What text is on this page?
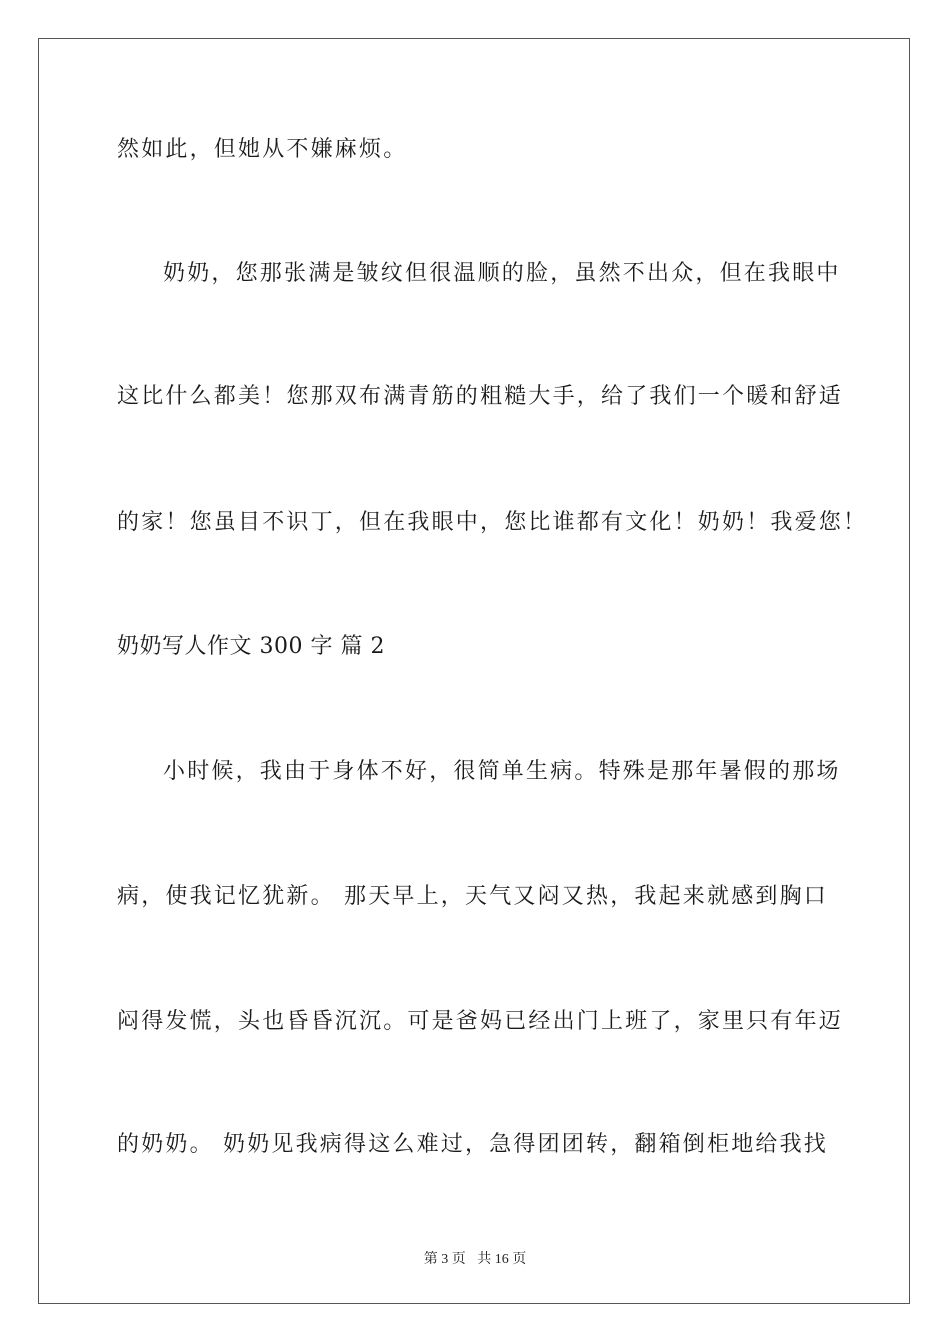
然如此，但她从不嫌麻烦。
奶奶，您那张满是皱纹但很温顺的脸，虽然不出众，但在我眼中
这比什么都美！您那双布满青筋的粗糙大手，给了我们一个暖和舒适
的家！您虽目不识丁，但在我眼中，您比谁都有文化！奶奶！我爱您！
奶奶写人作文 300 字 篇 2
小时候，我由于身体不好，很简单生病。特殊是那年暑假的那场
病，使我记忆犹新。 那天早上，天气又闷又热，我起来就感到胸口
闷得发慌，头也昏昏沉沉。可是爸妈已经出门上班了，家里只有年迈
的奶奶。 奶奶见我病得这么难过，急得团团转，翻箱倒柜地给我找
第 3 页 共 16 页
